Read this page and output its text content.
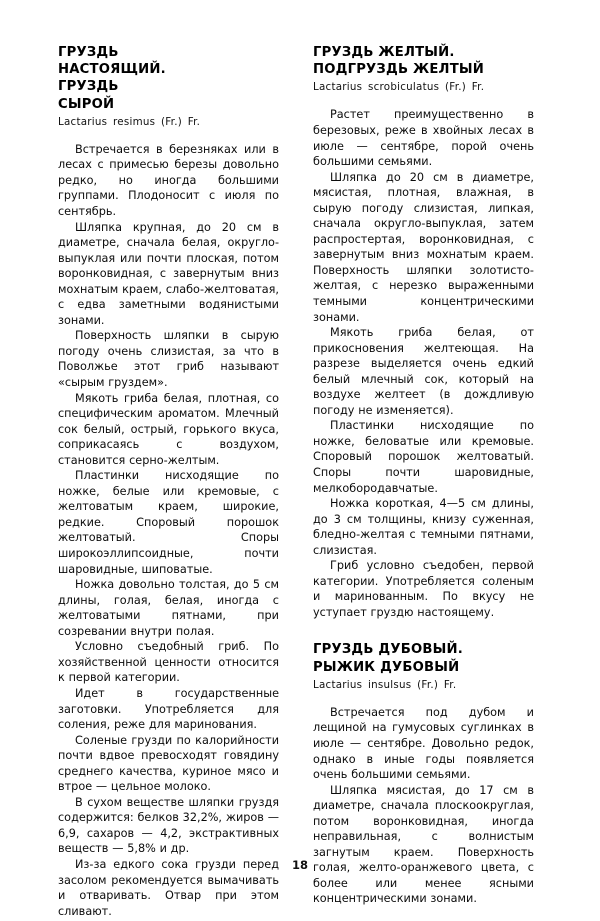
ГРУЗДЬ
НАСТОЯЩИЙ.
ГРУЗДЬ
СЫРОЙ
Lactarius resimus (Fr.) Fr.

Встречается в березняках или в лесах с примесью березы довольно редко, но иногда большими группами. Плодоносит с июля по сентябрь.

Шляпка крупная, до 20 см в диаметре, сначала белая, округло-выпуклая или почти плоская, потом воронковидная, с завернутым вниз мохнатым краем, слабо-желтоватая, с едва заметными водянистыми зонами.

Поверхность шляпки в сырую погоду очень слизистая, за что в Поволжье этот гриб называют «сырым груздем».

Мякоть гриба белая, плотная, со специфическим ароматом. Млечный сок белый, острый, горького вкуса, соприкасаясь с воздухом, становится серно-желтым.

Пластинки нисходящие по ножке, белые или кремовые, с желтоватым краем, широкие, редкие. Споровый порошок желтоватый. Споры широкоэллипсоидные, почти шаровидные, шиповатые.

Ножка довольно толстая, до 5 см длины, голая, белая, иногда с желтоватыми пятнами, при созревании внутри полая.

Условно съедобный гриб. По хозяйственной ценности относится к первой категории.

Идет в государственные заготовки. Употребляется для соления, реже для маринования.

Соленые грузди по калорийности почти вдвое превосходят говядину среднего качества, куриное мясо и втрое — цельное молоко.

В сухом веществе шляпки груздя содержится: белков 32,2%, жиров — 6,9, сахаров — 4,2, экстрактивных веществ — 5,8% и др.

Из-за едкого сока грузди перед засолом рекомендуется вымачивать и отваривать. Отвар при этом сливают.

ГРУЗДЬ ЖЕЛТЫЙ.
ПОДГРУЗДЬ ЖЕЛТЫЙ
Lactarius scrobiculatus (Fr.) Fr.

Растет преимущественно в березовых, реже в хвойных лесах в июле — сентябре, порой очень большими семьями.

Шляпка до 20 см в диаметре, мясистая, плотная, влажная, в сырую погоду слизистая, липкая, сначала округло-выпуклая, затем распростертая, воронковидная, с завернутым вниз мохнатым краем. Поверхность шляпки золотисто-желтая, с нерезко выраженными темными концентрическими зонами.

Мякоть гриба белая, от прикосновения желтеющая. На разрезе выделяется очень едкий белый млечный сок, который на воздухе желтеет (в дождливую погоду не изменяется).

Пластинки нисходящие по ножке, беловатые или кремовые. Споровый порошок желтоватый. Споры почти шаровидные, мелкобородавчатые.

Ножка короткая, 4—5 см длины, до 3 см толщины, книзу суженная, бледно-желтая с темными пятнами, слизистая.

Гриб условно съедобен, первой категории. Употребляется соленым и маринованным. По вкусу не уступает груздю настоящему.

ГРУЗДЬ ДУБОВЫЙ.
РЫЖИК ДУБОВЫЙ
Lactarius insulsus (Fr.) Fr.

Встречается под дубом и лещиной на гумусовых суглинках в июле — сентябре. Довольно редок, однако в иные годы появляется очень большими семьями.

Шляпка мясистая, до 17 см в диаметре, сначала плоскоокруглая, потом воронковидная, иногда неправильная, с волнистым загнутым краем. Поверхность голая, желто-оранжевого цвета, с более или менее ясными концентрическими зонами.

18
